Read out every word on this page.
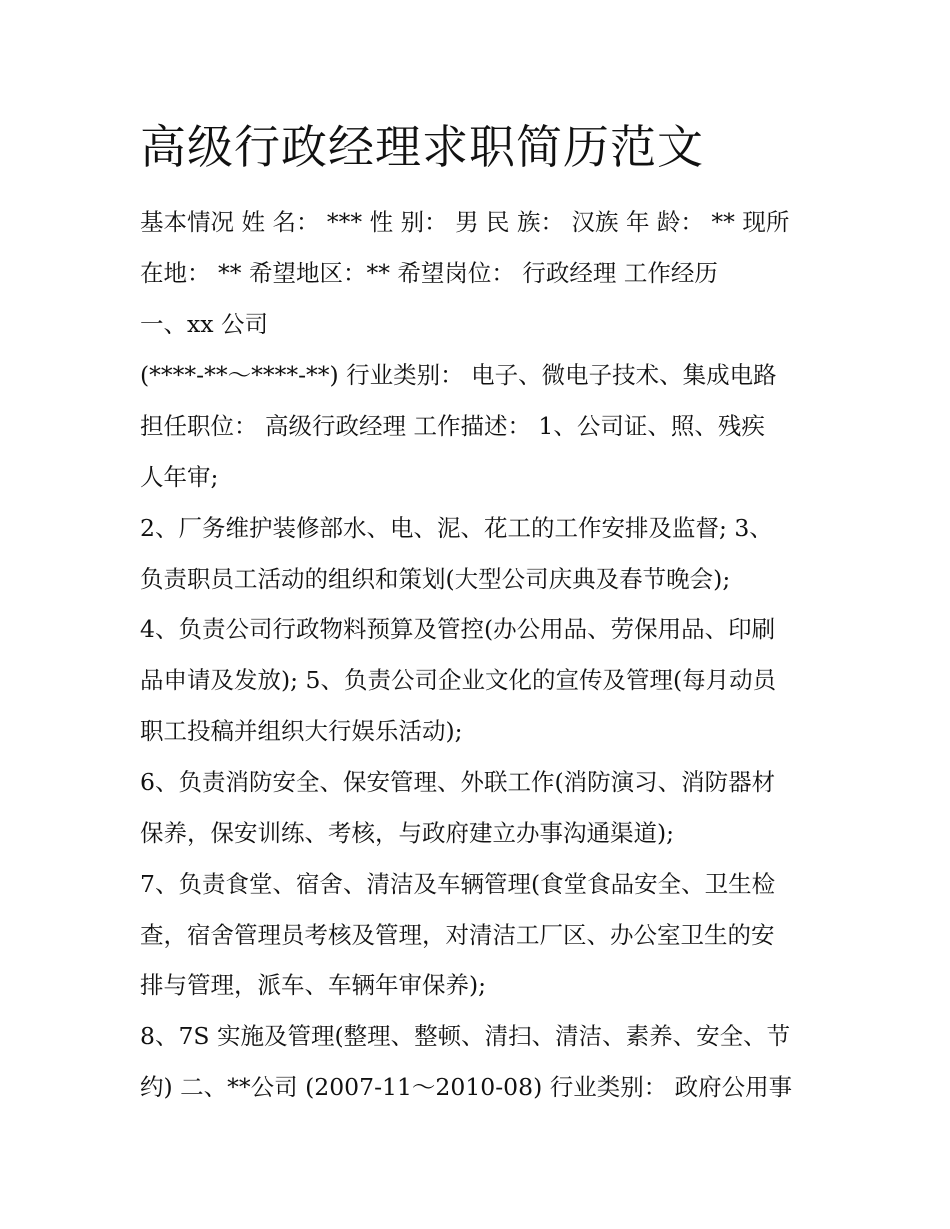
高级行政经理求职简历范文

基本情况 姓 名： *** 性 别： 男 民 族： 汉族 年 龄： ** 现所

在地： ** 希望地区：** 希望岗位： 行政经理 工作经历

一、xx 公司

(****-**～****-**) 行业类别： 电子、微电子技术、集成电路

担任职位： 高级行政经理 工作描述： 1、公司证、照、残疾

人年审;

2、厂务维护装修部水、电、泥、花工的工作安排及监督; 3、

负责职员工活动的组织和策划(大型公司庆典及春节晚会);

4、负责公司行政物料预算及管控(办公用品、劳保用品、印刷

品申请及发放); 5、负责公司企业文化的宣传及管理(每月动员

职工投稿并组织大行娱乐活动);

6、负责消防安全、保安管理、外联工作(消防演习、消防器材

保养，保安训练、考核，与政府建立办事沟通渠道);

7、负责食堂、宿舍、清洁及车辆管理(食堂食品安全、卫生检

查，宿舍管理员考核及管理，对清洁工厂区、办公室卫生的安

排与管理，派车、车辆年审保养);

8、7S 实施及管理(整理、整顿、清扫、清洁、素养、安全、节

约) 二、**公司 (2007-11～2010-08) 行业类别： 政府公用事
